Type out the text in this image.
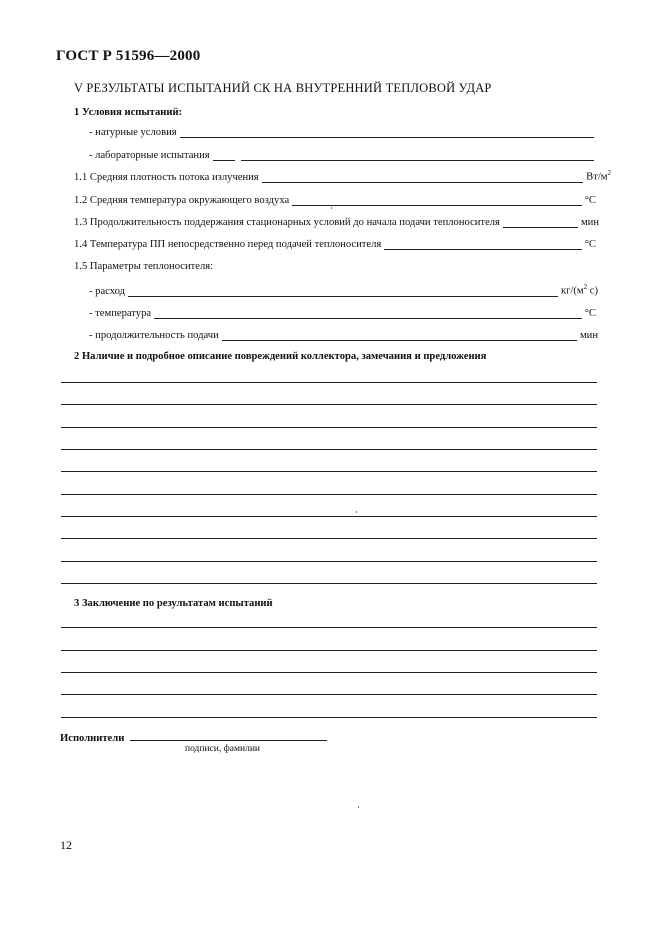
ГОСТ Р 51596—2000
V РЕЗУЛЬТАТЫ ИСПЫТАНИЙ СК НА ВНУТРЕННИЙ ТЕПЛОВОЙ УДАР
1 Условия испытаний:
- натурные условия
- лабораторные испытания
1.1 Средняя плотность потока излучения	$Вт/м^2$
1.2 Средняя температура окружающего воздуха	°С
1.3 Продолжительность поддержания стационарных условий до начала подачи теплоносителя	мин
1.4 Температура ПП непосредственно перед подачей теплоносителя	°С
1.5 Параметры теплоносителя:
- расход	$кг/(м^2$ с)
- температура	°С
- продолжительность подачи	мин
2 Наличие и подробное описание повреждений коллектора, замечания и предложения
3 Заключение по результатам испытаний
Исполнители
подписи, фамилии
12
